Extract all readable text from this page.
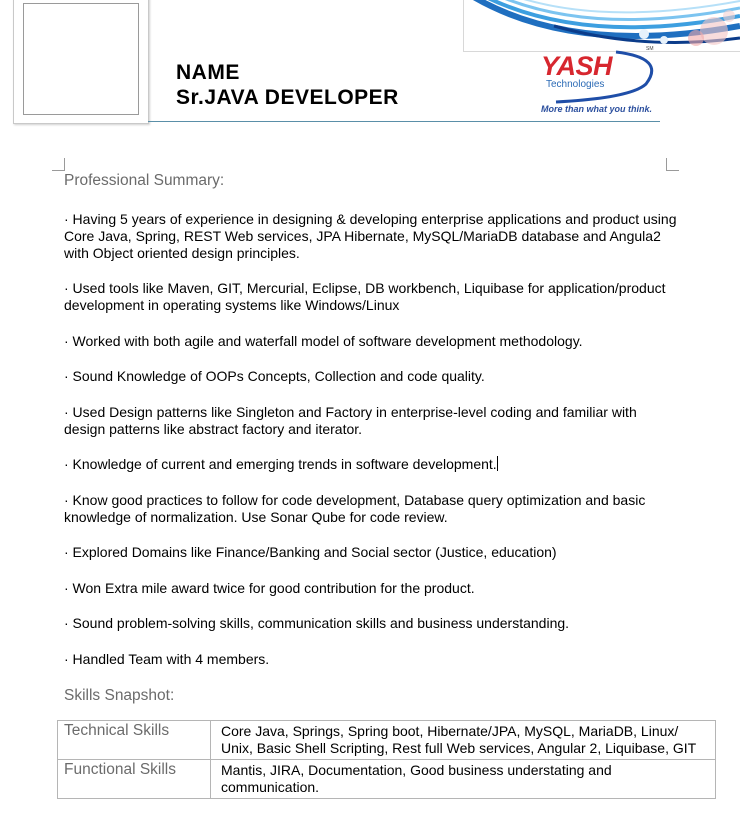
NAME
Sr.JAVA DEVELOPER
YASH
SM
Technologies
More than what you think.
Professional Summary:
· Having 5 years of experience in designing & developing enterprise applications and product using Core Java, Spring, REST Web services, JPA Hibernate, MySQL/MariaDB database and Angula2 with Object oriented design principles.
· Used tools like Maven, GIT, Mercurial, Eclipse, DB workbench, Liquibase for application/product development in operating systems like Windows/Linux
· Worked with both agile and waterfall model of software development methodology.
· Sound Knowledge of OOPs Concepts, Collection and code quality.
· Used Design patterns like Singleton and Factory in enterprise-level coding and familiar with design patterns like abstract factory and iterator.
· Knowledge of current and emerging trends in software development.
· Know good practices to follow for code development, Database query optimization and basic knowledge of normalization. Use Sonar Qube for code review.
· Explored Domains like Finance/Banking and Social sector (Justice, education)
· Won Extra mile award twice for good contribution for the product.
· Sound problem-solving skills, communication skills and business understanding.
· Handled Team with 4 members.
Skills Snapshot:
Technical Skills	Core Java, Springs, Spring boot, Hibernate/JPA, MySQL, MariaDB, Linux/ Unix, Basic Shell Scripting, Rest full Web services, Angular 2, Liquibase, GIT
Functional Skills	Mantis, JIRA, Documentation, Good business understating and communication.
